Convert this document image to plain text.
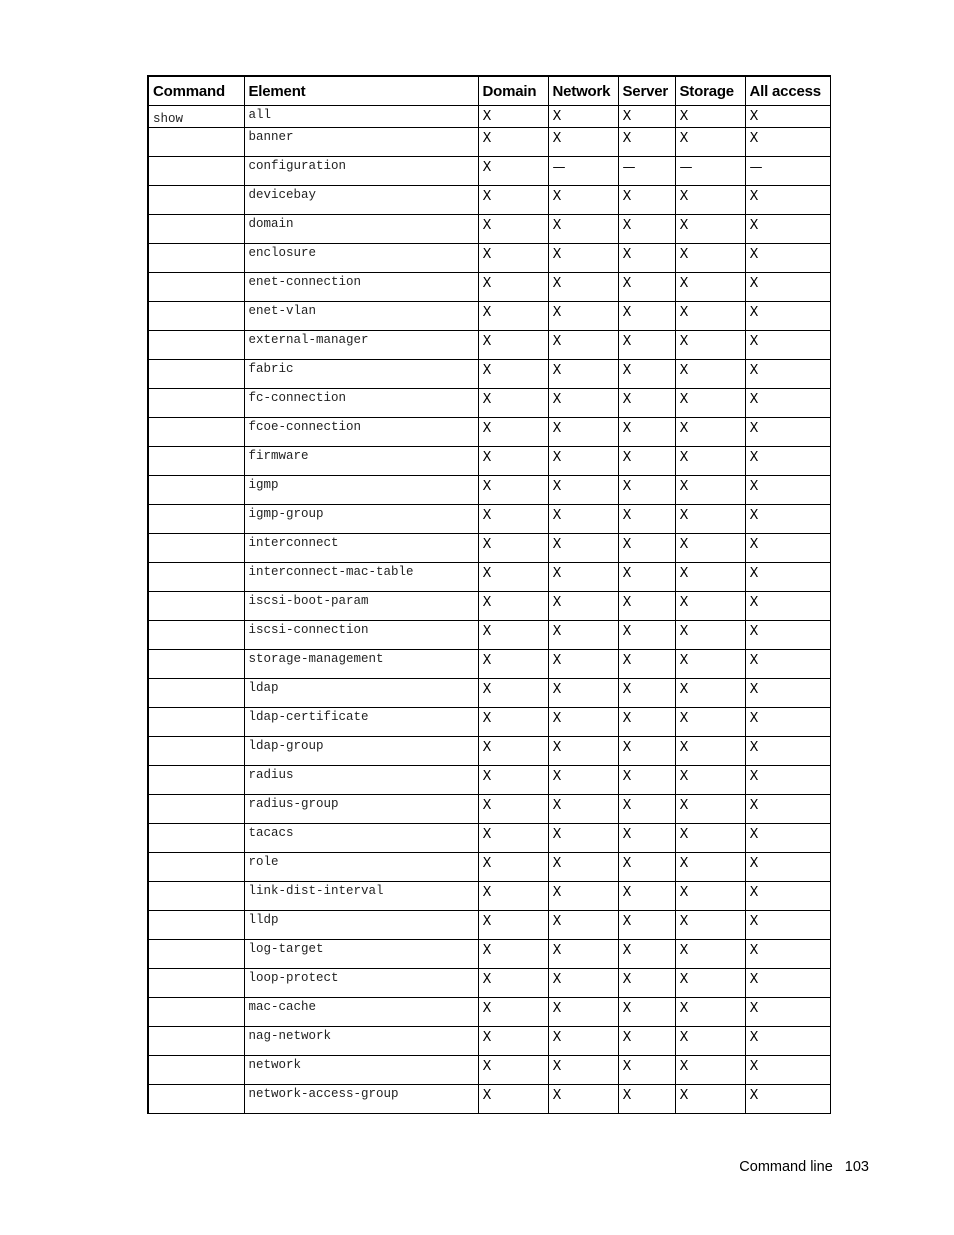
Command	Element	Domain	Network	Server	Storage	All access
show	all	X	X	X	X	X
	banner	X	X	X	X	X
	configuration	X	—	—	—	—
	devicebay	X	X	X	X	X
	domain	X	X	X	X	X
	enclosure	X	X	X	X	X
	enet-connection	X	X	X	X	X
	enet-vlan	X	X	X	X	X
	external-manager	X	X	X	X	X
	fabric	X	X	X	X	X
	fc-connection	X	X	X	X	X
	fcoe-connection	X	X	X	X	X
	firmware	X	X	X	X	X
	igmp	X	X	X	X	X
	igmp-group	X	X	X	X	X
	interconnect	X	X	X	X	X
	interconnect-mac-table	X	X	X	X	X
	iscsi-boot-param	X	X	X	X	X
	iscsi-connection	X	X	X	X	X
	storage-management	X	X	X	X	X
	ldap	X	X	X	X	X
	ldap-certificate	X	X	X	X	X
	ldap-group	X	X	X	X	X
	radius	X	X	X	X	X
	radius-group	X	X	X	X	X
	tacacs	X	X	X	X	X
	role	X	X	X	X	X
	link-dist-interval	X	X	X	X	X
	lldp	X	X	X	X	X
	log-target	X	X	X	X	X
	loop-protect	X	X	X	X	X
	mac-cache	X	X	X	X	X
	nag-network	X	X	X	X	X
	network	X	X	X	X	X
	network-access-group	X	X	X	X	X
Command line 103
